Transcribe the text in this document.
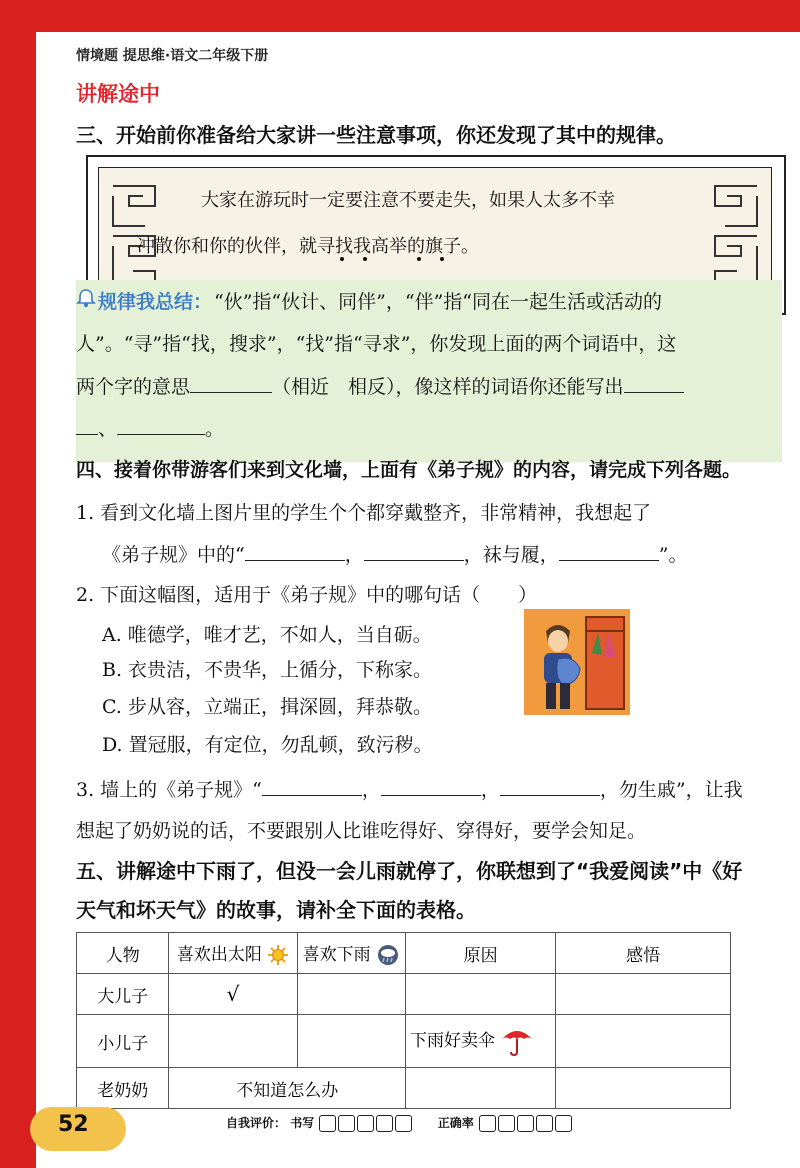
情境题 提思维·语文二年级下册
讲解途中
三、开始前你准备给大家讲一些注意事项，你还发现了其中的规律。
大家在游玩时一定要注意不要走失，如果人太多不幸
冲散你和你的伙伴，就寻找我高举的旗子。
规律我总结： “伙”指“伙计、同伴”，“伴”指“同在一起生活或活动的
人”。“寻”指“找，搜求”，“找”指“寻求”，你发现上面的两个词语中，这
两个字的意思	（相近　相反），像这样的词语你还能写出
、	。
四、接着你带游客们来到文化墙，上面有《弟子规》的内容，请完成下列各题。
1. 看到文化墙上图片里的学生个个都穿戴整齐，非常精神，我想起了
《弟子规》中的“	，	，袜与履，	”。
2. 下面这幅图，适用于《弟子规》中的哪句话（　　）
A. 唯德学，唯才艺，不如人，当自砺。
B. 衣贵洁，不贵华，上循分，下称家。
C. 步从容，立端正，揖深圆，拜恭敬。
D. 置冠服，有定位，勿乱顿，致污秽。
3. 墙上的《弟子规》“	，	，	，勿生戚”，让我
想起了奶奶说的话，不要跟别人比谁吃得好、穿得好，要学会知足。
五、讲解途中下雨了，但没一会儿雨就停了，你联想到了“我爱阅读”中《好
天气和坏天气》的故事，请补全下面的表格。
人物	喜欢出太阳	喜欢下雨	原因	感悟
大儿子	√			
小儿子			下雨好卖伞	
老奶奶	不知道怎么办			
52	自我评价： 书写	正确率
